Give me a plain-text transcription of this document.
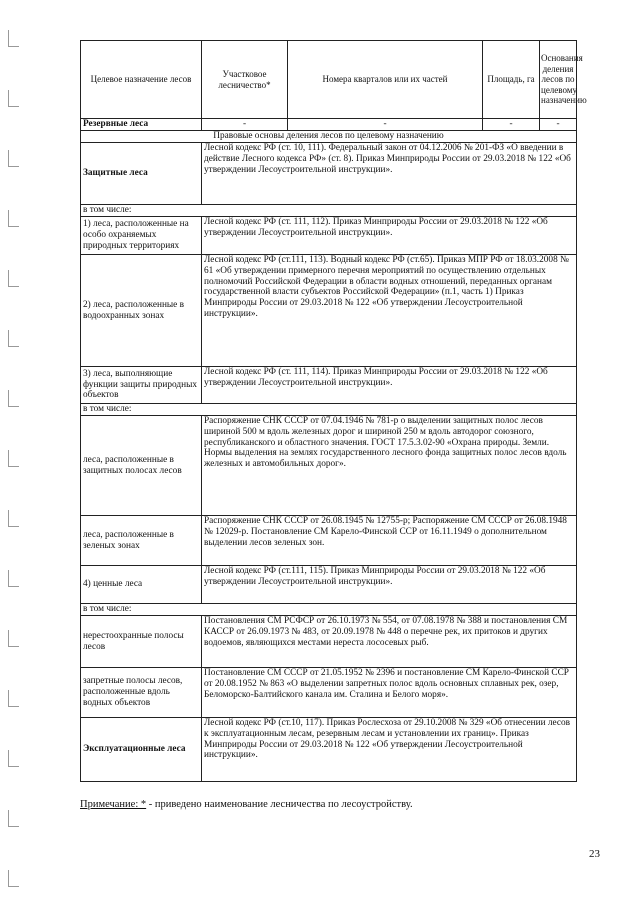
Целевое назначение лесов	Участковое лесничество*	Номера кварталов или их частей	Площадь, га	Основания деления лесов по целевому назначению
Резервные леса	-	-	-	-
Правовые основы деления лесов по целевому назначению				
Защитные леса	Лесной кодекс РФ (ст. 10, 111). Федеральный закон от 04.12.2006 № 201-ФЗ «О введении в действие Лесного кодекса РФ» (ст. 8). Приказ Минприроды России от 29.03.2018 № 122 «Об утверждении Лесоустроительной инструкции».			
в том числе:				
1) леса, расположенные на особо охраняемых природных территориях	Лесной кодекс РФ (ст. 111, 112). Приказ Минприроды России от 29.03.2018 № 122 «Об утверждении Лесоустроительной инструкции».			
2) леса, расположенные в водоохранных зонах	Лесной кодекс РФ (ст.111, 113). Водный кодекс РФ (ст.65). Приказ МПР РФ от 18.03.2008 № 61 «Об утверждении примерного перечня мероприятий по осуществлению отдельных полномочий Российской Федерации в области водных отношений, переданных органам государственной власти субъектов Российской Федерации» (п.1, часть 1) Приказ Минприроды России от 29.03.2018 № 122 «Об утверждении Лесоустроительной инструкции».			
3) леса, выполняющие функции защиты природных объектов	Лесной кодекс РФ (ст. 111, 114). Приказ Минприроды России от 29.03.2018 № 122 «Об утверждении Лесоустроительной инструкции».			
в том числе:				
леса, расположенные в защитных полосах лесов	Распоряжение СНК СССР от 07.04.1946 № 781-р о выделении защитных полос лесов шириной 500 м вдоль железных дорог и шириной 250 м вдоль автодорог союзного, республиканского и областного значения. ГОСТ 17.5.3.02-90 «Охрана природы. Земли. Нормы выделения на землях государственного лесного фонда защитных полос лесов вдоль железных и автомобильных дорог».			
леса, расположенные в зеленых зонах	Распоряжение СНК СССР от 26.08.1945 № 12755-р; Распоряжение СМ СССР от 26.08.1948 № 12029-р. Постановление СМ Карело-Финской ССР от 16.11.1949 о дополнительном выделении лесов зеленых зон.			
4) ценные леса	Лесной кодекс РФ (ст.111, 115). Приказ Минприроды России от 29.03.2018 № 122 «Об утверждении Лесоустроительной инструкции».			
в том числе:				
нерестоохранные полосы лесов	Постановления СМ РСФСР от 26.10.1973 № 554, от 07.08.1978 № 388 и постановления СМ КАССР от 26.09.1973 № 483, от 20.09.1978 № 448 о перечне рек, их притоков и других водоемов, являющихся местами нереста лососевых рыб.			
запретные полосы лесов, расположенные вдоль водных объектов	Постановление СМ СССР от 21.05.1952 № 2396 и постановление СМ Карело-Финской ССР от 20.08.1952 № 863 «О выделении запретных полос вдоль основных сплавных рек, озер, Беломорско-Балтийского канала им. Сталина и Белого моря».			
Эксплуатационные леса	Лесной кодекс РФ (ст.10, 117). Приказ Рослесхоза от 29.10.2008 № 329 «Об отнесении лесов к эксплуатационным лесам, резервным лесам и установлении их границ». Приказ Минприроды России от 29.03.2018 № 122 «Об утверждении Лесоустроительной инструкции».			
Примечание: * - приведено наименование лесничества по лесоустройству.
23
